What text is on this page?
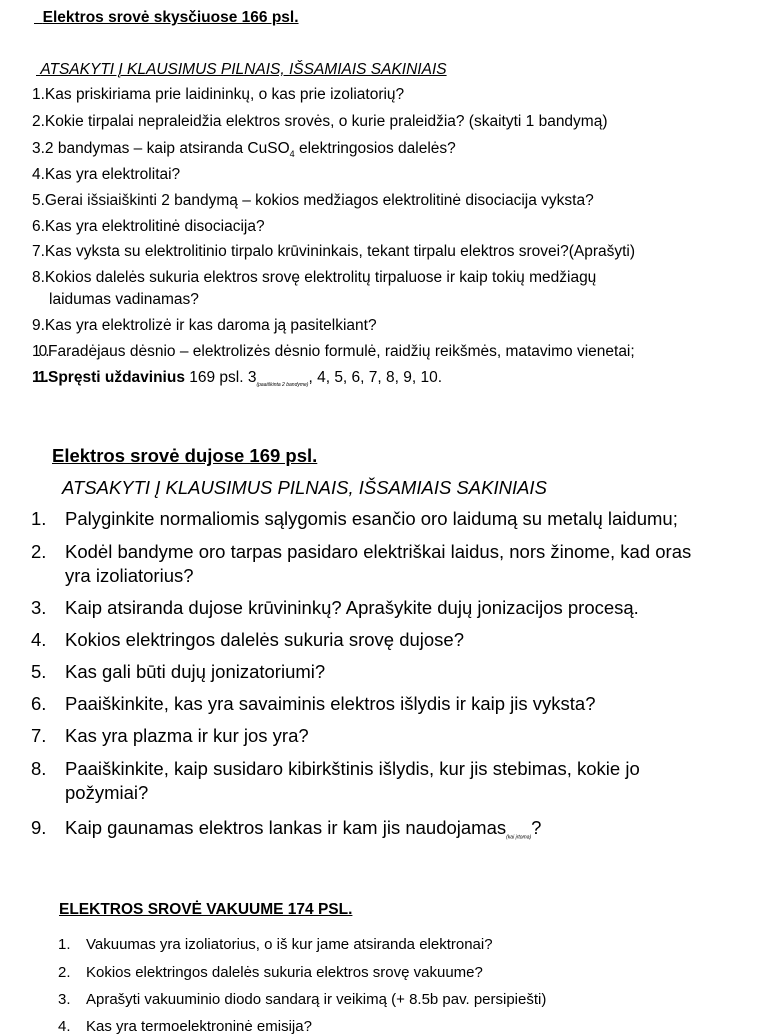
Elektros srovė skysčiuose 166 psl.
ATSAKYTI Į KLAUSIMUS PILNAIS, IŠSAMIAIS SAKINIAIS
1.Kas priskiriama prie laidininkų, o kas prie izoliatorių?
2.Kokie tirpalai nepraleidžia elektros srovės, o kurie praleidžia? (skaityti 1 bandymą)
3.2 bandymas – kaip atsiranda CuSO$_4$ elektringosios dalelės?
4.Kas yra elektrolitai?
5.Gerai išsiaiškinti 2 bandymą – kokios medžiagos elektrolitinė disociacija vyksta?
6.Kas yra elektrolitinė disociacija?
7.Kas vyksta su elektrolitinio tirpalo krūvininkais, tekant tirpalu elektros srovei?(Aprašyti)
8.Kokios dalelės sukuria elektros srovę elektrolitų tirpaluose ir kaip tokių medžiagų
laidumas vadinamas?
9.Kas yra elektrolizė ir kas daroma ją pasitelkiant?
10.Faradėjaus dėsnio – elektrolizės dėsnio formulė, raidžių reikšmės, matavimo vienetai;
11.Spręsti uždavinius 169 psl. $3_{(paaiškinta 2 bandyme)}$, 4, 5, 6, 7, 8, 9, 10.
Elektros srovė dujose 169 psl.
ATSAKYTI Į KLAUSIMUS PILNAIS, IŠSAMIAIS SAKINIAIS
1. Palyginkite normaliomis sąlygomis esančio oro laidumą su metalų laidumu;
2. Kodėl bandyme oro tarpas pasidaro elektriškai laidus, nors žinome, kad oras
yra izoliatorius?
3. Kaip atsiranda dujose krūvininkų? Aprašykite dujų jonizacijos procesą.
4. Kokios elektringos dalelės sukuria srovę dujose?
5. Kas gali būti dujų jonizatoriumi?
6. Paaiškinkite, kas yra savaiminis elektros išlydis ir kaip jis vyksta?
7. Kas yra plazma ir kur jos yra?
8. Paaiškinkite, kaip susidaro kibirkštinis išlydis, kur jis stebimas, kokie jo
požymiai?
9. Kaip gaunamas elektros lankas ir kam jis naudojamas$_{(kai įrtoma)}$?
ELEKTROS SROVĖ VAKUUME 174 PSL.
1. Vakuumas yra izoliatorius, o iš kur jame atsiranda elektronai?
2. Kokios elektringos dalelės sukuria elektros srovę vakuume?
3. Aprašyti vakuuminio diodo sandarą ir veikimą (+ 8.5b pav. persipiešti)
4. Kas yra termoelektroninė emisija?
